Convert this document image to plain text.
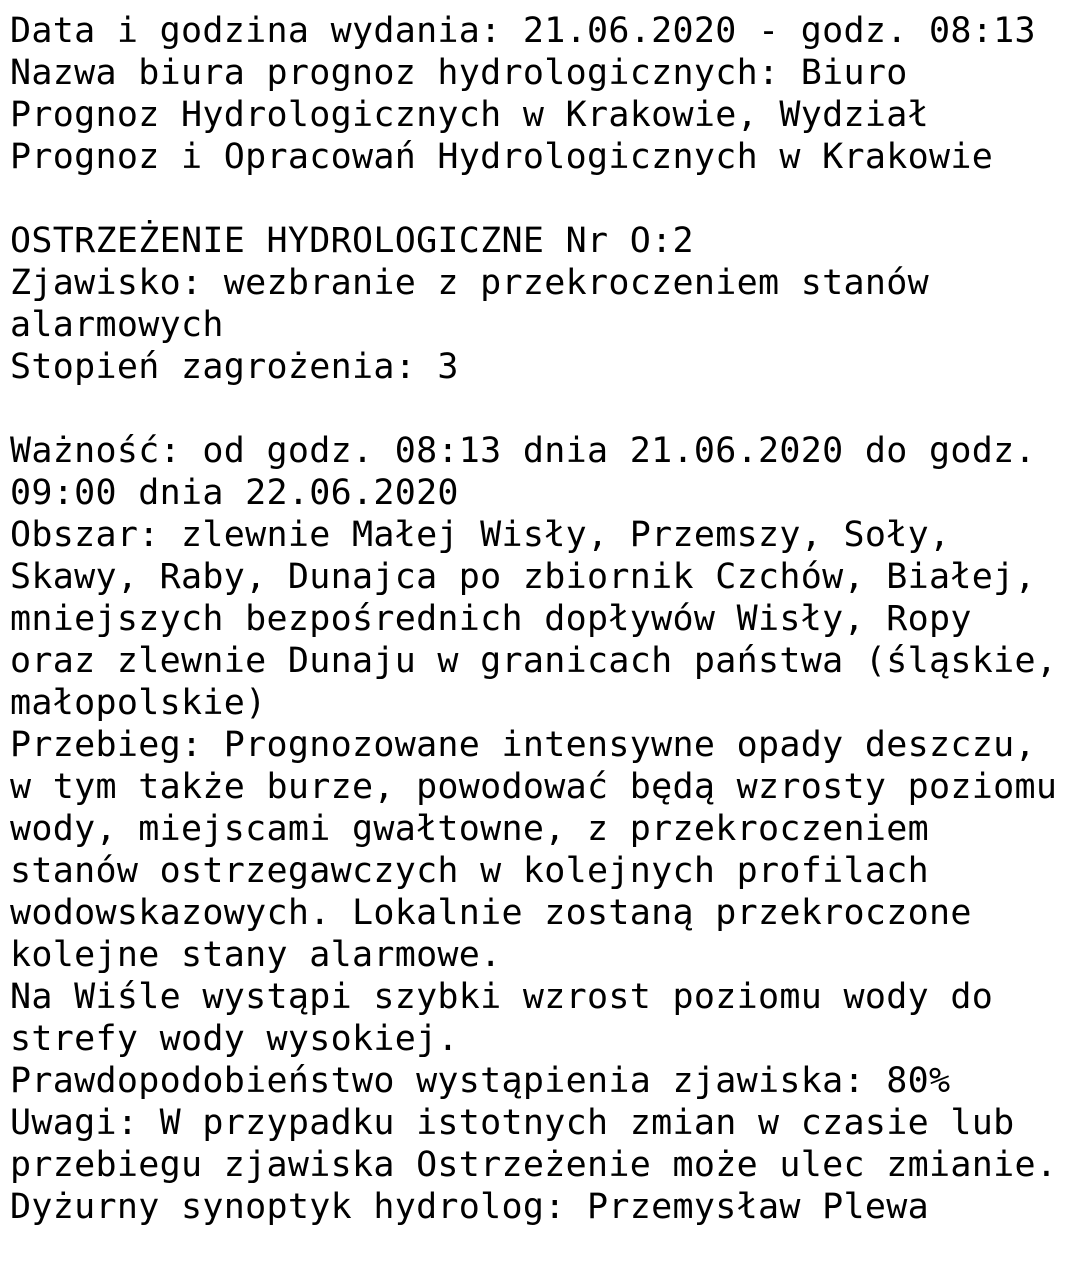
Data i godzina wydania: 21.06.2020 - godz. 08:13
Nazwa biura prognoz hydrologicznych: Biuro
Prognoz Hydrologicznych w Krakowie, Wydział
Prognoz i Opracowań Hydrologicznych w Krakowie
OSTRZEŻENIE HYDROLOGICZNE Nr O:2
Zjawisko: wezbranie z przekroczeniem stanów
alarmowych
Stopień zagrożenia: 3
Ważność: od godz. 08:13 dnia 21.06.2020 do godz.
09:00 dnia 22.06.2020
Obszar: zlewnie Małej Wisły, Przemszy, Soły,
Skawy, Raby, Dunajca po zbiornik Czchów, Białej,
mniejszych bezpośrednich dopływów Wisły, Ropy
oraz zlewnie Dunaju w granicach państwa (śląskie,
małopolskie)
Przebieg: Prognozowane intensywne opady deszczu,
w tym także burze, powodować będą wzrosty poziomu
wody, miejscami gwałtowne, z przekroczeniem
stanów ostrzegawczych w kolejnych profilach
wodowskazowych. Lokalnie zostaną przekroczone
kolejne stany alarmowe.
Na Wiśle wystąpi szybki wzrost poziomu wody do
strefy wody wysokiej.
Prawdopodobieństwo wystąpienia zjawiska: 80%
Uwagi: W przypadku istotnych zmian w czasie lub
przebiegu zjawiska Ostrzeżenie może ulec zmianie.
Dyżurny synoptyk hydrolog: Przemysław Plewa
